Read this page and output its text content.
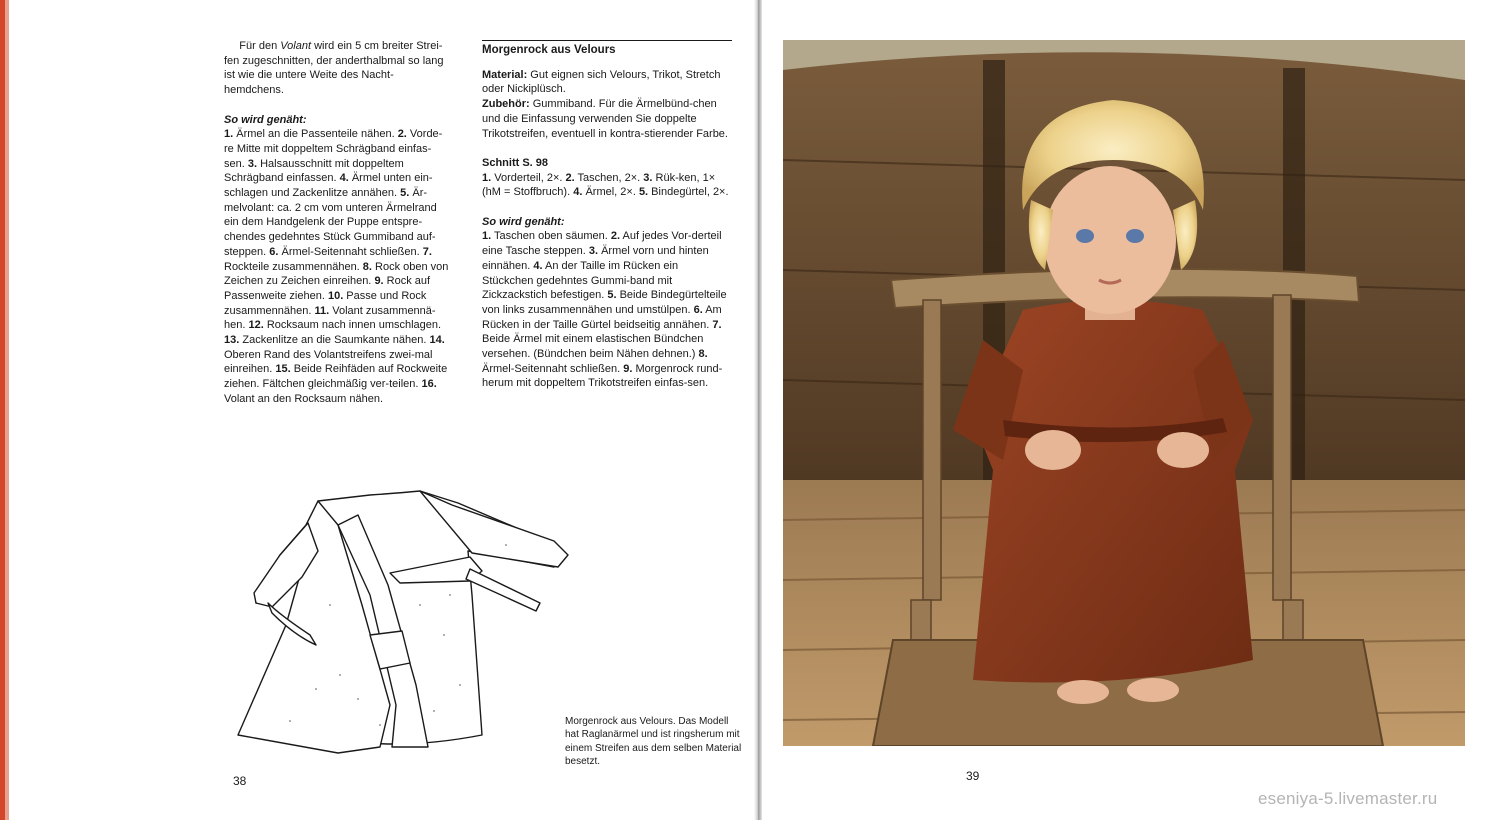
Für den Volant wird ein 5 cm breiter Strei-fen zugeschnitten, der anderthalbmal so lang ist wie die untere Weite des Nacht-hemdchens.

So wird genäht:

1. Ärmel an die Passenteile nähen. 2. Vorde-re Mitte mit doppeltem Schrägband einfas-sen. 3. Halsausschnitt mit doppeltem Schrägband einfassen. 4. Ärmel unten ein-schlagen und Zackenlitze annähen. 5. Är-melvolant: ca. 2 cm vom unteren Ärmelrand ein dem Handgelenk der Puppe entspre-chendes gedehntes Stück Gummiband auf-steppen. 6. Ärmel-Seitennaht schließen. 7. Rockteile zusammennähen. 8. Rock oben von Zeichen zu Zeichen einreihen. 9. Rock auf Passenweite ziehen. 10. Passe und Rock zusammennähen. 11. Volant zusammennä-hen. 12. Rocksaum nach innen umschlagen. 13. Zackenlitze an die Saumkante nähen. 14. Oberen Rand des Volantstreifens zwei-mal einreihen. 15. Beide Reihfäden auf Rockweite ziehen. Fältchen gleichmäßig ver-teilen. 16. Volant an den Rocksaum nähen.

Morgenrock aus Velours. Das Modell hat Raglanärmel und ist ringsherum mit einem Streifen aus dem selben Material besetzt.
38
Morgenrock aus Velours

Material: Gut eignen sich Velours, Trikot, Stretch oder Nickiplüsch.

Zubehör: Gummiband. Für die Ärmelbünd-chen und die Einfassung verwenden Sie doppelte Trikotstreifen, eventuell in kontra-stierender Farbe.

Schnitt S. 98

1. Vorderteil, 2×. 2. Taschen, 2×. 3. Rük-ken, 1× (hM = Stoffbruch). 4. Ärmel, 2×. 5. Bindegürtel, 2×.

So wird genäht:

1. Taschen oben säumen. 2. Auf jedes Vor-derteil eine Tasche steppen. 3. Ärmel vorn und hinten einnähen. 4. An der Taille im Rücken ein Stückchen gedehntes Gummi-band mit Zickzackstich befestigen. 5. Beide Bindegürtelteile von links zusammennähen und umstülpen. 6. Am Rücken in der Taille Gürtel beidseitig annähen. 7. Beide Ärmel mit einem elastischen Bündchen versehen. (Bündchen beim Nähen dehnen.) 8. Ärmel-Seitennaht schließen. 9. Morgenrock rund-herum mit doppeltem Trikotstreifen einfas-sen.

39
eseniya-5.livemaster.ru
